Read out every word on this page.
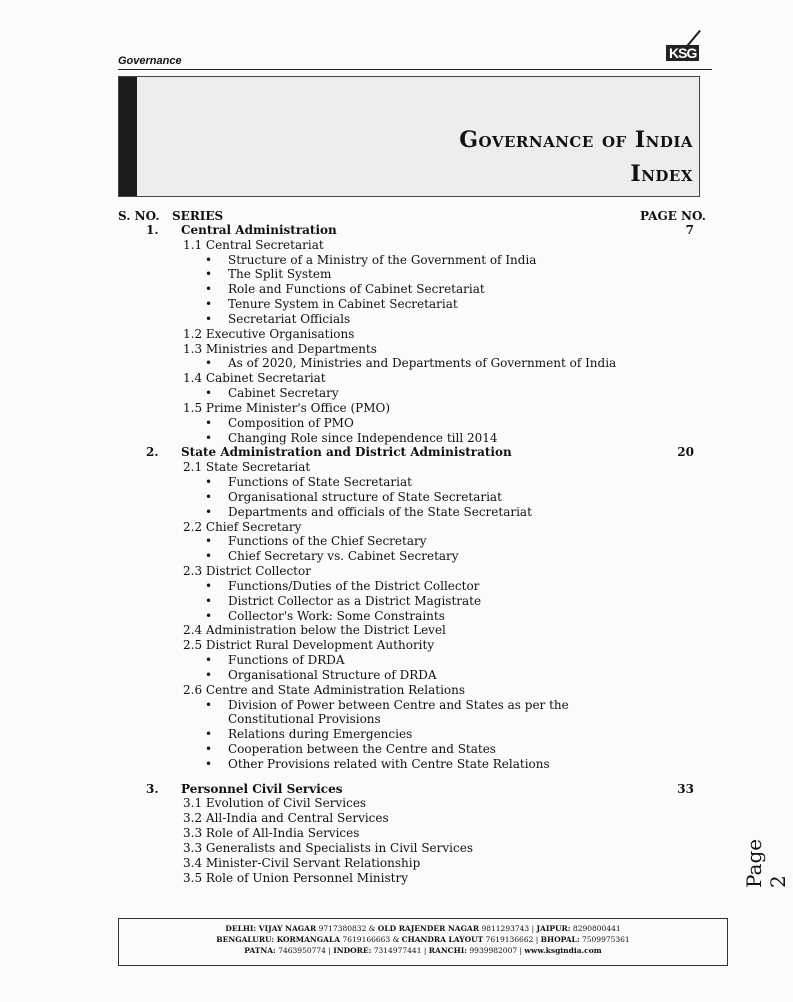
Governance	KSG
Governance of India
Index
S. NO. SERIES	PAGE NO.
1. Central Administration	7
1.1 Central Secretariat
• Structure of a Ministry of the Government of India
• The Split System
• Role and Functions of Cabinet Secretariat
• Tenure System in Cabinet Secretariat
• Secretariat Officials
1.2 Executive Organisations
1.3 Ministries and Departments
• As of 2020, Ministries and Departments of Government of India
1.4 Cabinet Secretariat
• Cabinet Secretary
1.5 Prime Minister's Office (PMO)
• Composition of PMO
• Changing Role since Independence till 2014
2. State Administration and District Administration	20
2.1 State Secretariat
• Functions of State Secretariat
• Organisational structure of State Secretariat
• Departments and officials of the State Secretariat
2.2 Chief Secretary
• Functions of the Chief Secretary
• Chief Secretary vs. Cabinet Secretary
2.3 District Collector
• Functions/Duties of the District Collector
• District Collector as a District Magistrate
• Collector's Work: Some Constraints
2.4 Administration below the District Level
2.5 District Rural Development Authority
• Functions of DRDA
• Organisational Structure of DRDA
2.6 Centre and State Administration Relations
• Division of Power between Centre and States as per the
Constitutional Provisions
• Relations during Emergencies
• Cooperation between the Centre and States
• Other Provisions related with Centre State Relations
3. Personnel Civil Services	33
3.1 Evolution of Civil Services
3.2 All-India and Central Services
3.3 Role of All-India Services
3.3 Generalists and Specialists in Civil Services
3.4 Minister-Civil Servant Relationship
3.5 Role of Union Personnel Ministry	Page 2
DELHI: VIJAY NAGAR 9717380832 & OLD RAJENDER NAGAR 9811293743 | JAIPUR: 8290800441
BENGALURU: KORMANGALA 7619166663 & CHANDRA LAYOUT 7619136662 | BHOPAL: 7509975361
PATNA: 7463950774 | INDORE: 7314977441 | RANCHI: 9939982007 | www.ksgindia.com
